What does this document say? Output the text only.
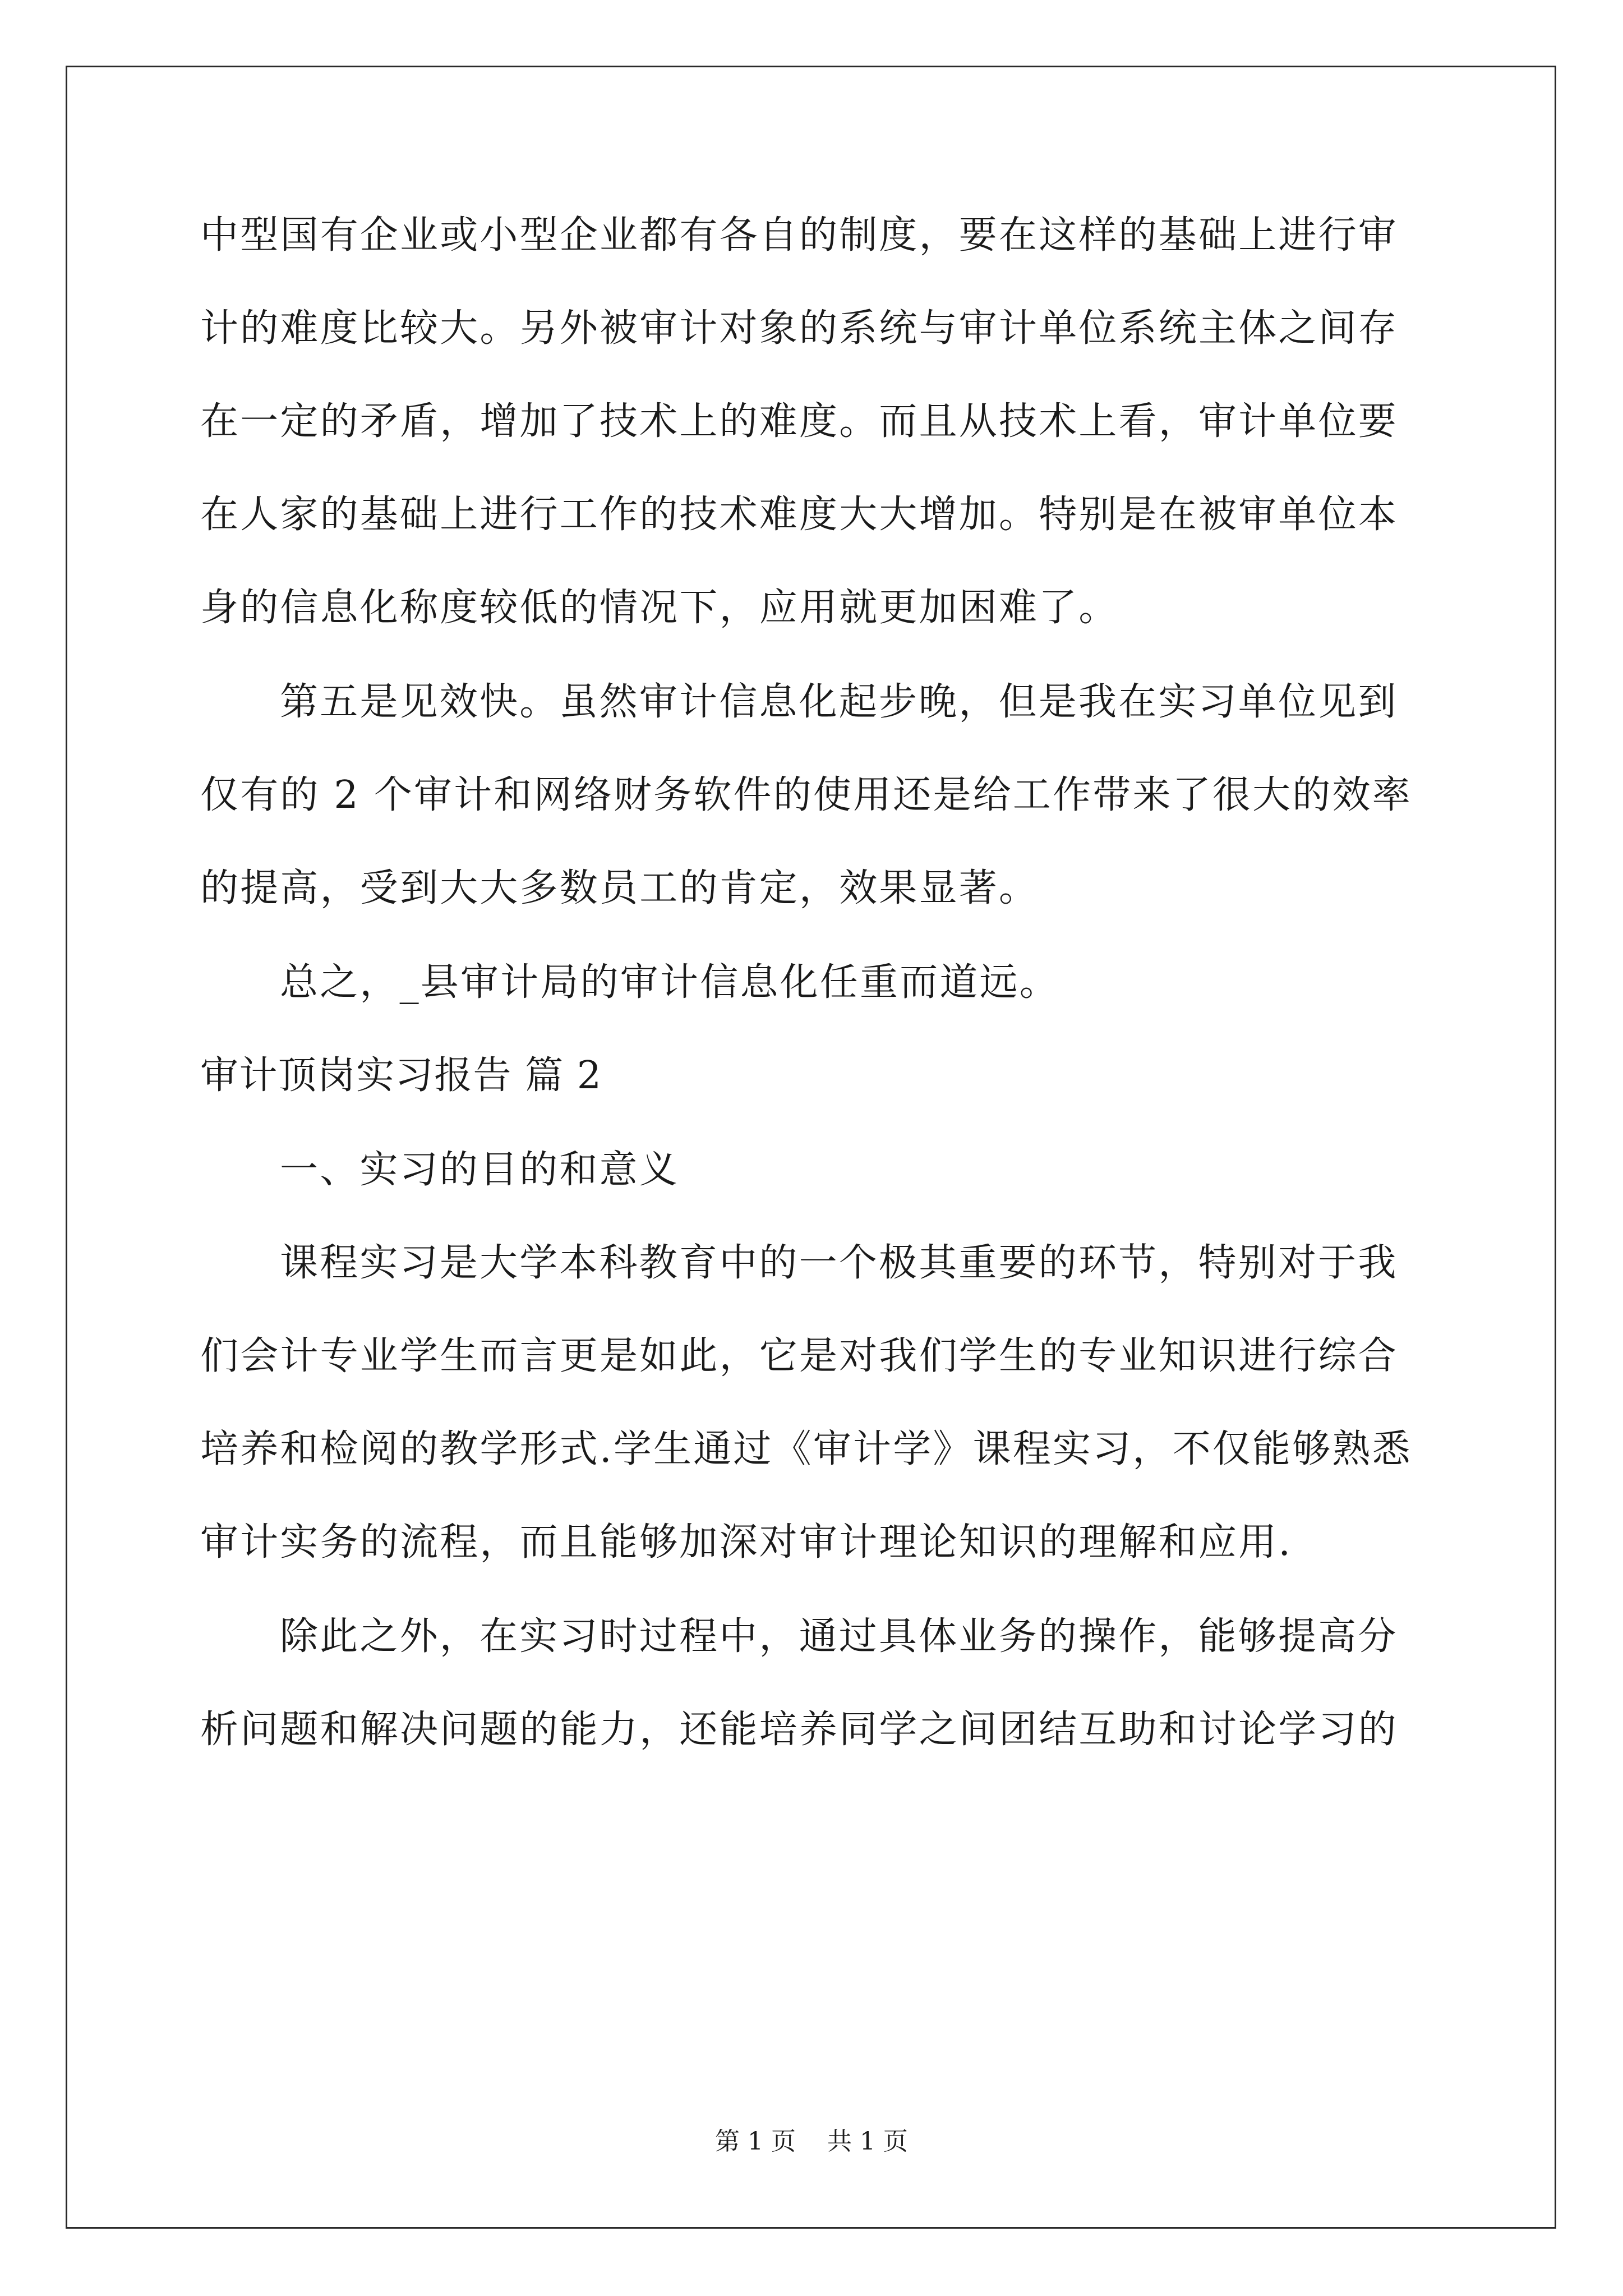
中型国有企业或小型企业都有各自的制度，要在这样的基础上进行审
计的难度比较大。另外被审计对象的系统与审计单位系统主体之间存
在一定的矛盾，增加了技术上的难度。而且从技术上看，审计单位要
在人家的基础上进行工作的技术难度大大增加。特别是在被审单位本
身的信息化称度较低的情况下，应用就更加困难了。
第五是见效快。虽然审计信息化起步晚，但是我在实习单位见到
仅有的 2 个审计和网络财务软件的使用还是给工作带来了很大的效率
的提高，受到大大多数员工的肯定，效果显著。
总之，_县审计局的审计信息化任重而道远。
审计顶岗实习报告 篇 2
一、实习的目的和意义
课程实习是大学本科教育中的一个极其重要的环节，特别对于我
们会计专业学生而言更是如此，它是对我们学生的专业知识进行综合
培养和检阅的教学形式.学生通过《审计学》课程实习，不仅能够熟悉
审计实务的流程，而且能够加深对审计理论知识的理解和应用.
除此之外，在实习时过程中，通过具体业务的操作，能够提高分
析问题和解决问题的能力，还能培养同学之间团结互助和讨论学习的
第 1 页    共 1 页
